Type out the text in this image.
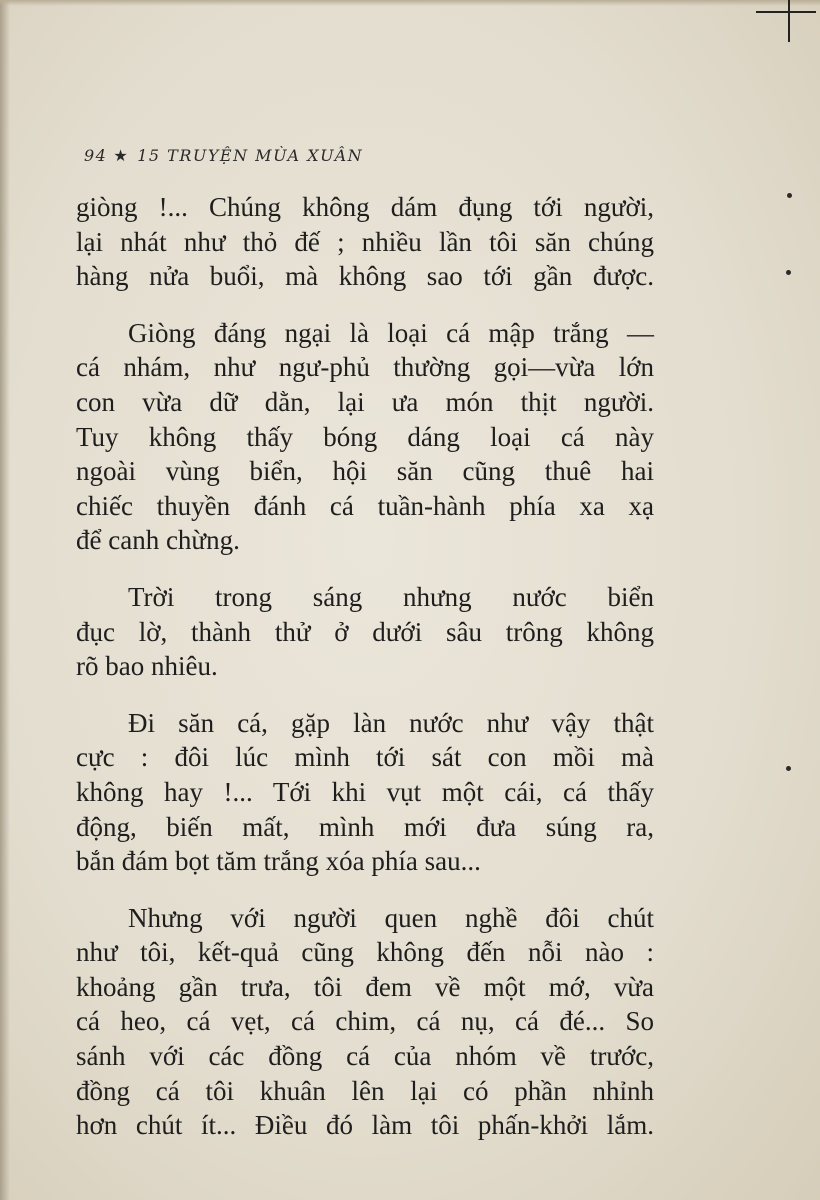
94 ★ 15 TRUYỆN MÙA XUÂN

giòng !... Chúng không dám đụng tới người,
lại nhát như thỏ đế ; nhiều lần tôi săn chúng
hàng nửa buổi, mà không sao tới gần được.

Giòng đáng ngại là loại cá mập trắng —
cá nhám, như ngư-phủ thường gọi—vừa lớn
con vừa dữ dằn, lại ưa món thịt người.
Tuy không thấy bóng dáng loại cá này
ngoài vùng biển, hội săn cũng thuê hai
chiếc thuyền đánh cá tuần-hành phía xa xạ
để canh chừng.

Trời trong sáng nhưng nước biển
đục lờ, thành thử ở dưới sâu trông không
rõ bao nhiêu.

Đi săn cá, gặp làn nước như vậy thật
cực : đôi lúc mình tới sát con mồi mà
không hay !... Tới khi vụt một cái, cá thấy
động, biến mất, mình mới đưa súng ra,
bắn đám bọt tăm trắng xóa phía sau...

Nhưng với người quen nghề đôi chút
như tôi, kết-quả cũng không đến nỗi nào :
khoảng gần trưa, tôi đem về một mớ, vừa
cá heo, cá vẹt, cá chim, cá nụ, cá đé... So
sánh với các đồng cá của nhóm về trước,
đồng cá tôi khuân lên lại có phần nhỉnh
hơn chút ít... Điều đó làm tôi phấn-khởi lắm.
